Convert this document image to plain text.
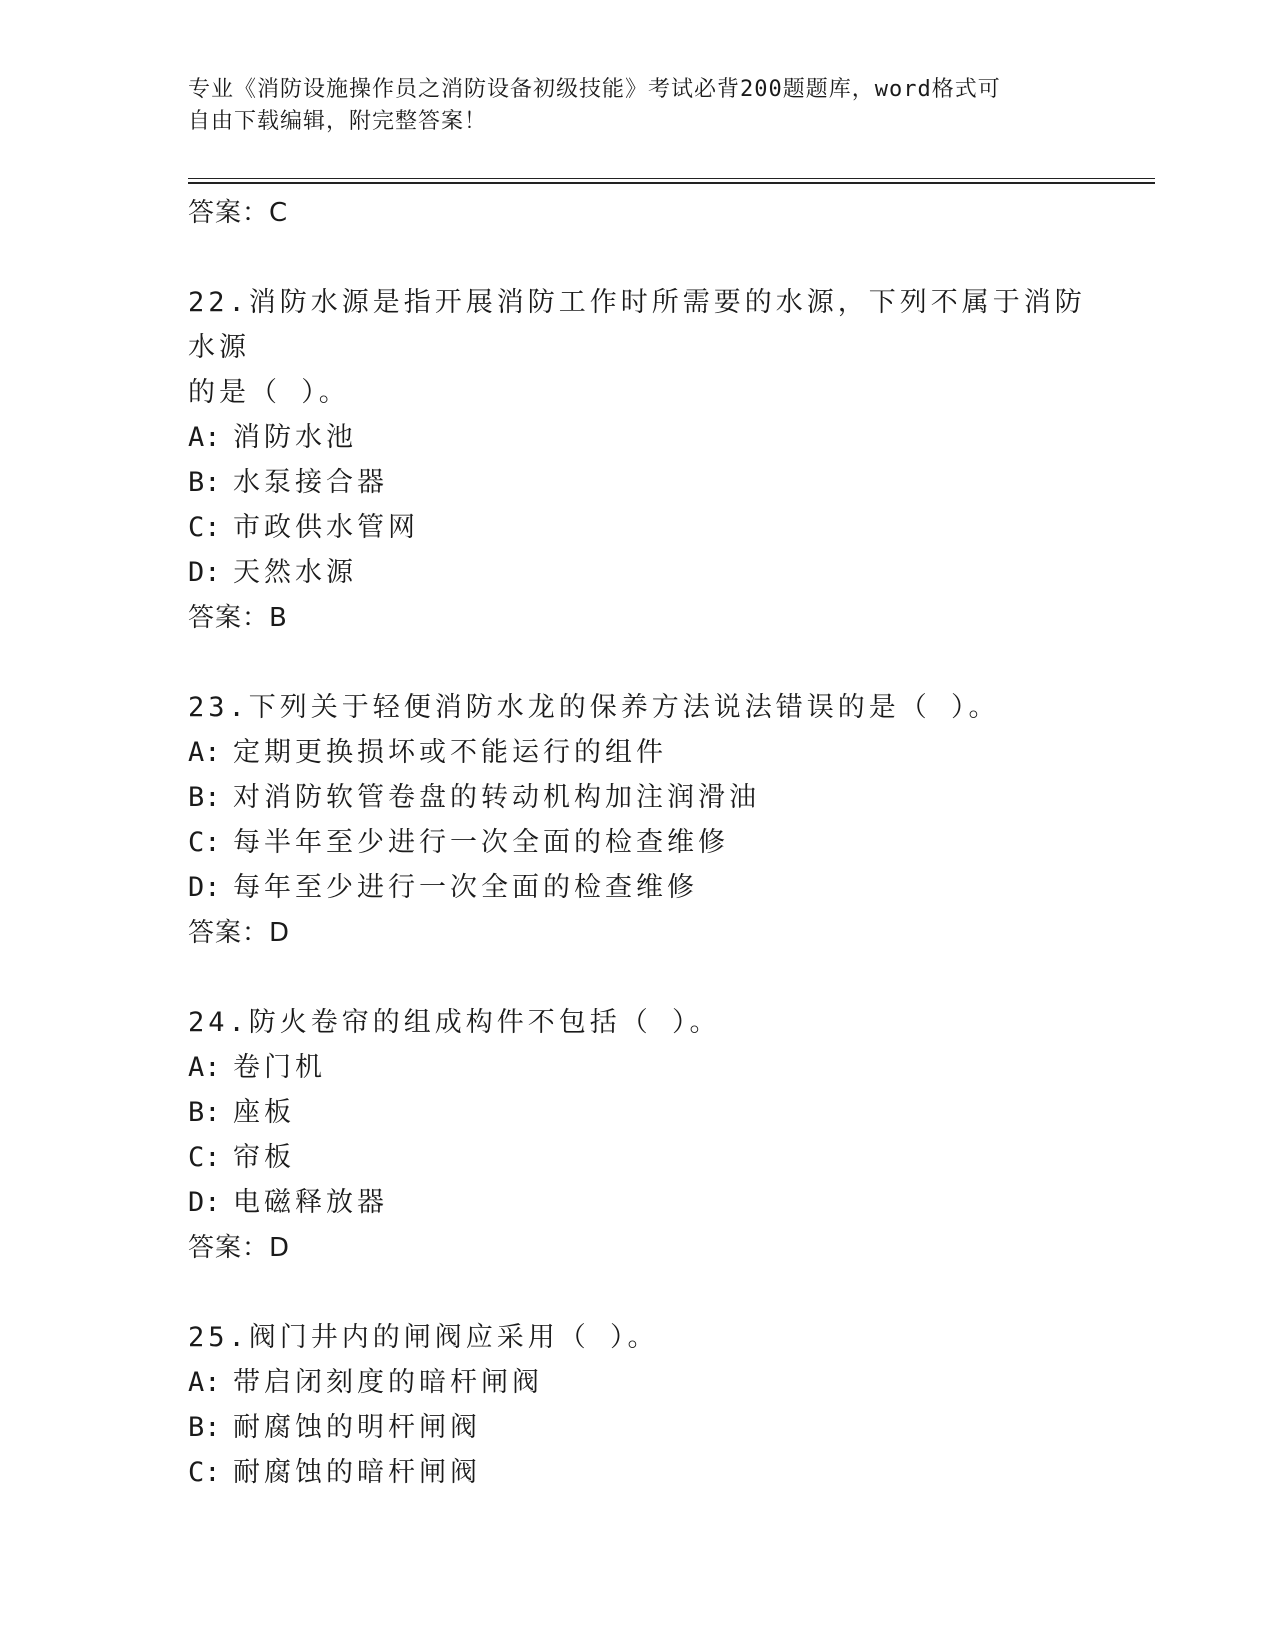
专业《消防设施操作员之消防设备初级技能》考试必背200题题库，word格式可
自由下载编辑，附完整答案！
答案：C
22.消防水源是指开展消防工作时所需要的水源，下列不属于消防水源
的是（ ）。
A: 消防水池
B: 水泵接合器
C: 市政供水管网
D: 天然水源
答案：B
23.下列关于轻便消防水龙的保养方法说法错误的是（ ）。
A: 定期更换损坏或不能运行的组件
B: 对消防软管卷盘的转动机构加注润滑油
C: 每半年至少进行一次全面的检查维修
D: 每年至少进行一次全面的检查维修
答案：D
24.防火卷帘的组成构件不包括（ ）。
A: 卷门机
B: 座板
C: 帘板
D: 电磁释放器
答案：D
25.阀门井内的闸阀应采用（ ）。
A: 带启闭刻度的暗杆闸阀
B: 耐腐蚀的明杆闸阀
C: 耐腐蚀的暗杆闸阀
